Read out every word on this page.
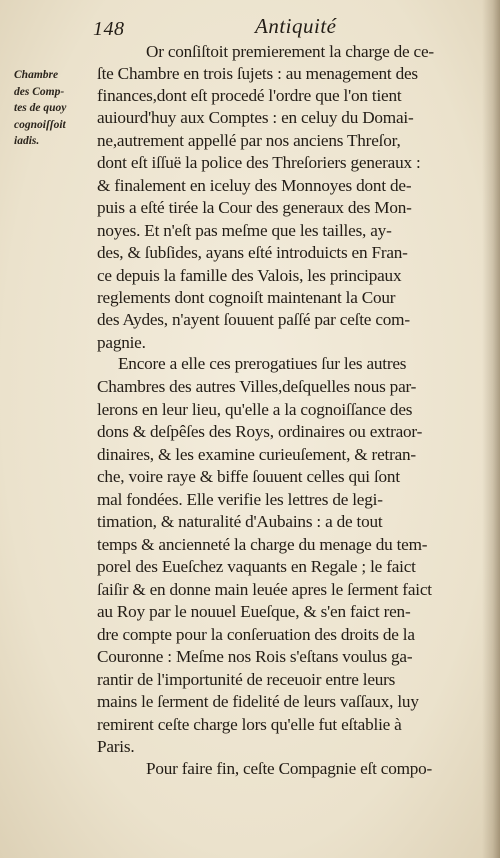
148	Antiquité
Chambre
des Comp-
tes de quoy
cognoiſſoit
iadis.
Or conſiſtoit premierement la charge de ce-
ſte Chambre en trois ſujets : au menagement des
finances,dont eſt procedé l'ordre que l'on tient
auiourd'huy aux Comptes : en celuy du Domai-
ne,autrement appellé par nos anciens Threſor,
dont eſt iſſuë la police des Threſoriers generaux :
& finalement en iceluy des Monnoyes dont de-
puis a eſté tirée la Cour des generaux des Mon-
noyes. Et n'eſt pas meſme que les tailles, ay-
des, & ſubſides, ayans eſté introduicts en Fran-
ce depuis la famille des Valois, les principaux
reglements dont cognoiſt maintenant la Cour
des Aydes, n'ayent ſouuent paſſé par ceſte com-
pagnie.
Encore a elle ces prerogatiues ſur les autres
Chambres des autres Villes,deſquelles nous par-
lerons en leur lieu, qu'elle a la cognoiſſance des
dons & deſpêſes des Roys, ordinaires ou extraor-
dinaires, & les examine curieuſement, & retran-
che, voire raye & biffe ſouuent celles qui ſont
mal fondées. Elle verifie les lettres de legi-
timation, & naturalité d'Aubains : a de tout
temps & ancienneté la charge du menage du tem-
porel des Eueſchez vaquants en Regale ; le faict
ſaiſir & en donne main leuée apres le ſerment faict
au Roy par le nouuel Eueſque, & s'en faict ren-
dre compte pour la conſeruation des droits de la
Couronne : Meſme nos Rois s'eſtans voulus ga-
rantir de l'importunité de receuoir entre leurs
mains le ſerment de fidelité de leurs vaſſaux, luy
remirent ceſte charge lors qu'elle fut eſtablie à
Paris.
Pour faire fin, ceſte Compagnie eſt compo-
